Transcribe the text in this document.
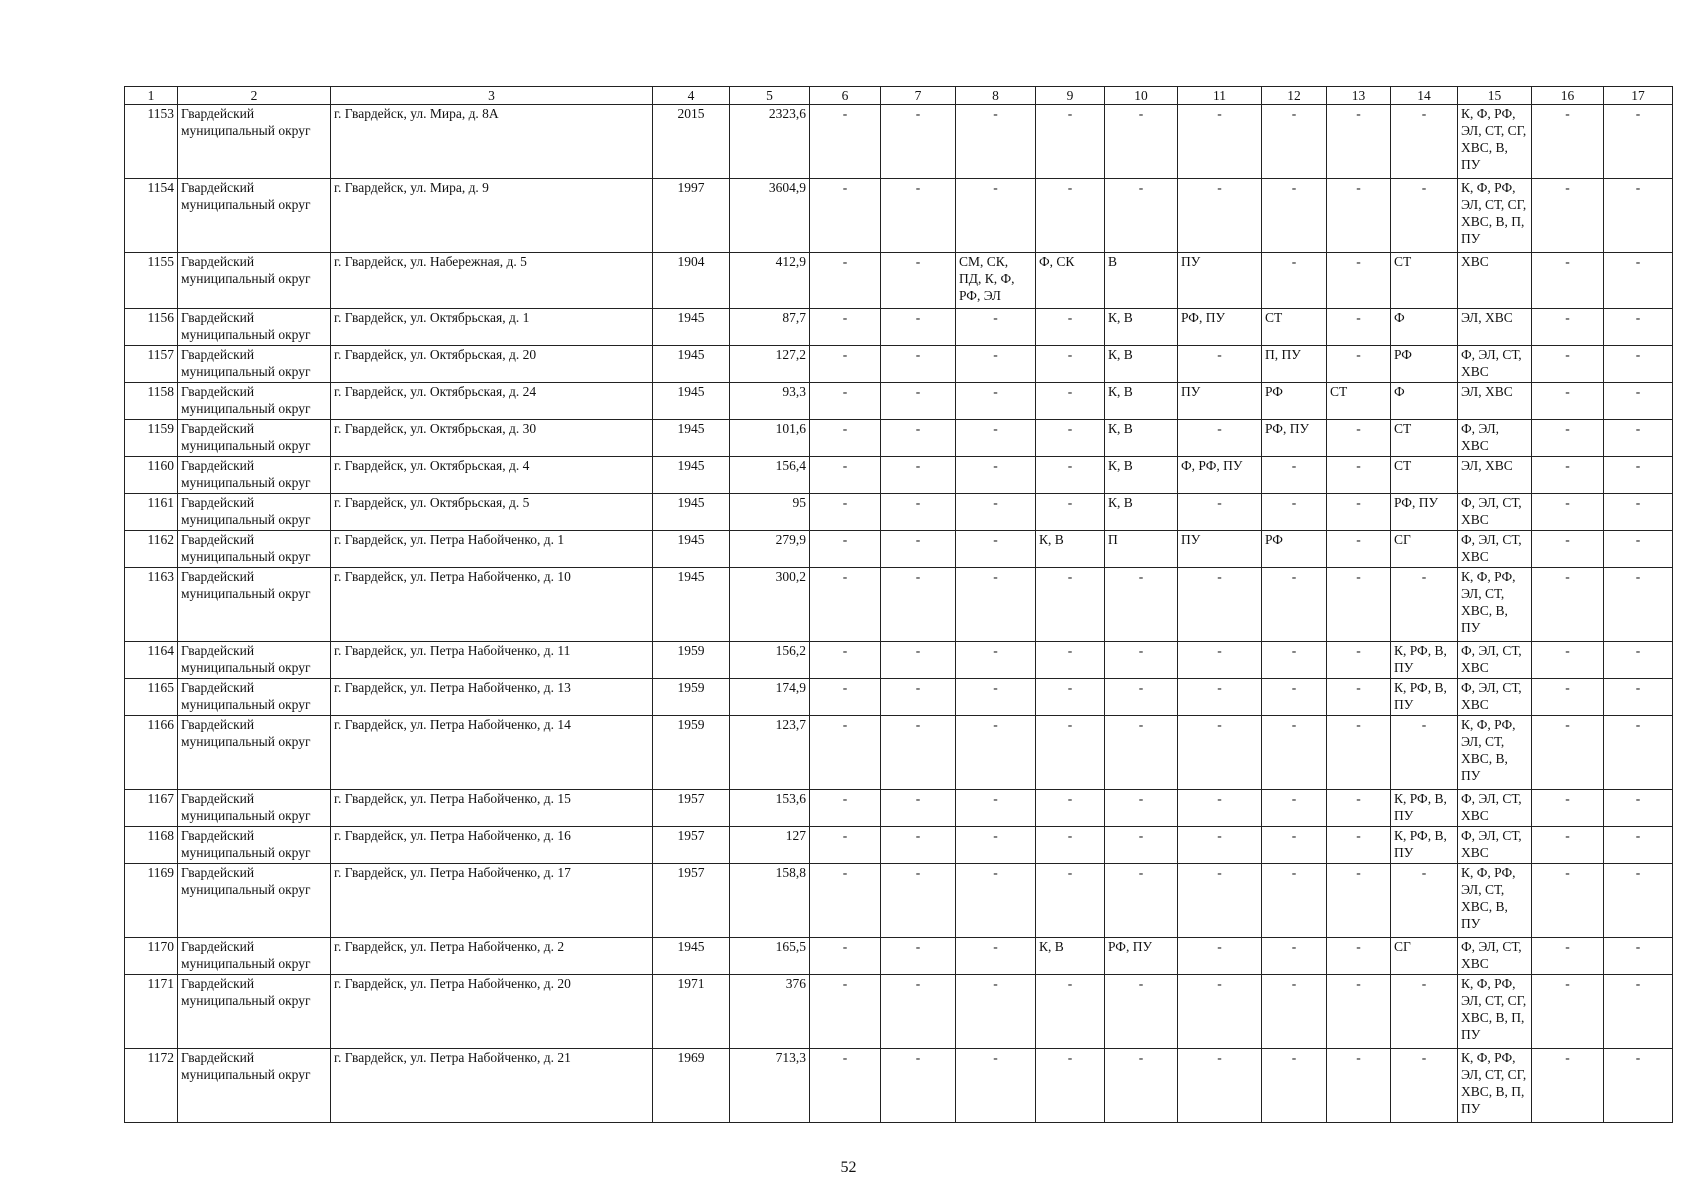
1	2	3	4	5	6	7	8	9	10	11	12	13	14	15	16	17
1153	Гвардейский муниципальный округ	г. Гвардейск, ул. Мира, д. 8А	2015	2323,6	-	-	-	-	-	-	-	-	-	К, Ф, РФ, ЭЛ, СТ, СГ, ХВС, В, ПУ	-	-
1154	Гвардейский муниципальный округ	г. Гвардейск, ул. Мира, д. 9	1997	3604,9	-	-	-	-	-	-	-	-	-	К, Ф, РФ, ЭЛ, СТ, СГ, ХВС, В, П, ПУ	-	-
1155	Гвардейский муниципальный округ	г. Гвардейск, ул. Набережная, д. 5	1904	412,9	-	-	СМ, СК, ПД, К, Ф, РФ, ЭЛ	Ф, СК	В	ПУ	-	-	СТ	ХВС	-	-
1156	Гвардейский муниципальный округ	г. Гвардейск, ул. Октябрьская, д. 1	1945	87,7	-	-	-	-	К, В	РФ, ПУ	СТ	-	Ф	ЭЛ, ХВС	-	-
1157	Гвардейский муниципальный округ	г. Гвардейск, ул. Октябрьская, д. 20	1945	127,2	-	-	-	-	К, В	-	П, ПУ	-	РФ	Ф, ЭЛ, СТ, ХВС	-	-
1158	Гвардейский муниципальный округ	г. Гвардейск, ул. Октябрьская, д. 24	1945	93,3	-	-	-	-	К, В	ПУ	РФ	СТ	Ф	ЭЛ, ХВС	-	-
1159	Гвардейский муниципальный округ	г. Гвардейск, ул. Октябрьская, д. 30	1945	101,6	-	-	-	-	К, В	-	РФ, ПУ	-	СТ	Ф, ЭЛ, ХВС	-	-
1160	Гвардейский муниципальный округ	г. Гвардейск, ул. Октябрьская, д. 4	1945	156,4	-	-	-	-	К, В	Ф, РФ, ПУ	-	-	СТ	ЭЛ, ХВС	-	-
1161	Гвардейский муниципальный округ	г. Гвардейск, ул. Октябрьская, д. 5	1945	95	-	-	-	-	К, В	-	-	-	РФ, ПУ	Ф, ЭЛ, СТ, ХВС	-	-
1162	Гвардейский муниципальный округ	г. Гвардейск, ул. Петра Набойченко, д. 1	1945	279,9	-	-	-	К, В	П	ПУ	РФ	-	СГ	Ф, ЭЛ, СТ, ХВС	-	-
1163	Гвардейский муниципальный округ	г. Гвардейск, ул. Петра Набойченко, д. 10	1945	300,2	-	-	-	-	-	-	-	-	-	К, Ф, РФ, ЭЛ, СТ, ХВС, В, ПУ	-	-
1164	Гвардейский муниципальный округ	г. Гвардейск, ул. Петра Набойченко, д. 11	1959	156,2	-	-	-	-	-	-	-	-	К, РФ, В, ПУ	Ф, ЭЛ, СТ, ХВС	-	-
1165	Гвардейский муниципальный округ	г. Гвардейск, ул. Петра Набойченко, д. 13	1959	174,9	-	-	-	-	-	-	-	-	К, РФ, В, ПУ	Ф, ЭЛ, СТ, ХВС	-	-
1166	Гвардейский муниципальный округ	г. Гвардейск, ул. Петра Набойченко, д. 14	1959	123,7	-	-	-	-	-	-	-	-	-	К, Ф, РФ, ЭЛ, СТ, ХВС, В, ПУ	-	-
1167	Гвардейский муниципальный округ	г. Гвардейск, ул. Петра Набойченко, д. 15	1957	153,6	-	-	-	-	-	-	-	-	К, РФ, В, ПУ	Ф, ЭЛ, СТ, ХВС	-	-
1168	Гвардейский муниципальный округ	г. Гвардейск, ул. Петра Набойченко, д. 16	1957	127	-	-	-	-	-	-	-	-	К, РФ, В, ПУ	Ф, ЭЛ, СТ, ХВС	-	-
1169	Гвардейский муниципальный округ	г. Гвардейск, ул. Петра Набойченко, д. 17	1957	158,8	-	-	-	-	-	-	-	-	-	К, Ф, РФ, ЭЛ, СТ, ХВС, В, ПУ	-	-
1170	Гвардейский муниципальный округ	г. Гвардейск, ул. Петра Набойченко, д. 2	1945	165,5	-	-	-	К, В	РФ, ПУ	-	-	-	СГ	Ф, ЭЛ, СТ, ХВС	-	-
1171	Гвардейский муниципальный округ	г. Гвардейск, ул. Петра Набойченко, д. 20	1971	376	-	-	-	-	-	-	-	-	-	К, Ф, РФ, ЭЛ, СТ, СГ, ХВС, В, П, ПУ	-	-
1172	Гвардейский муниципальный округ	г. Гвардейск, ул. Петра Набойченко, д. 21	1969	713,3	-	-	-	-	-	-	-	-	-	К, Ф, РФ, ЭЛ, СТ, СГ, ХВС, В, П, ПУ	-	-
52
